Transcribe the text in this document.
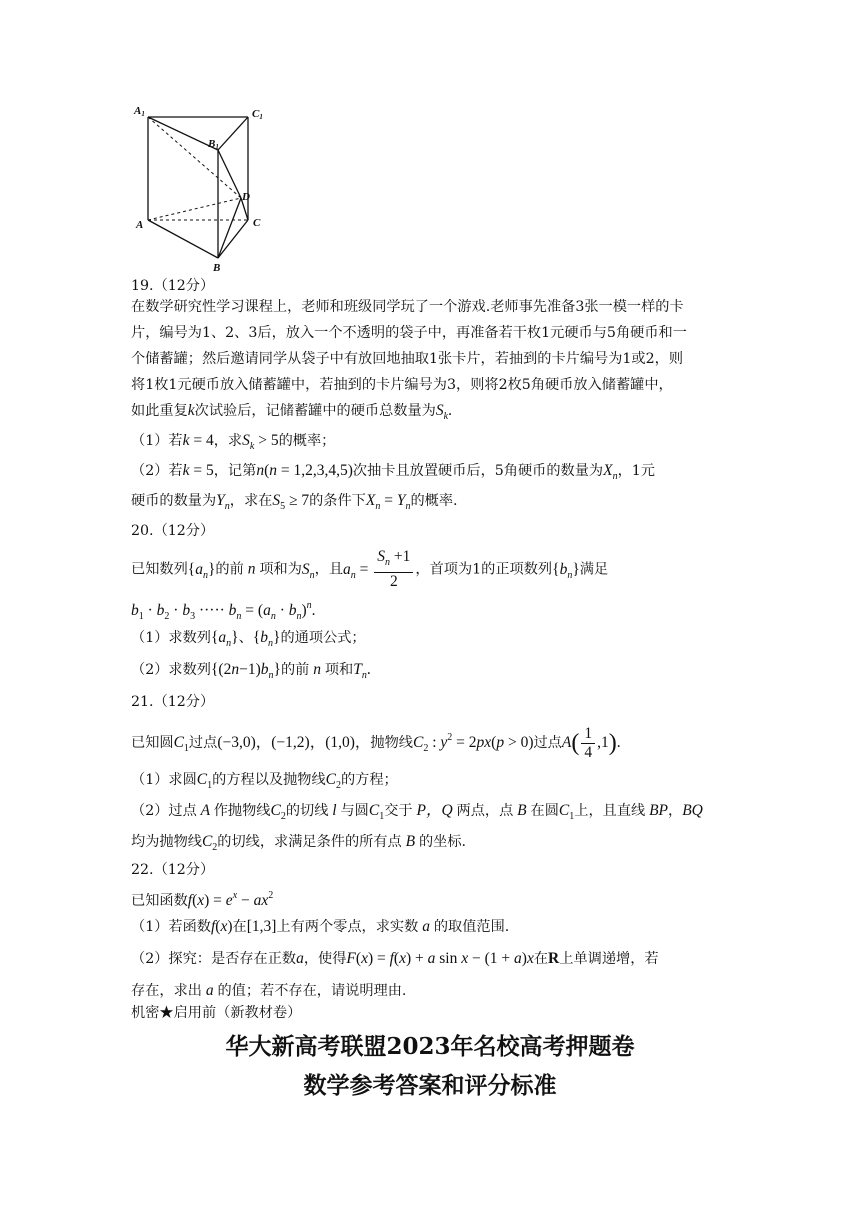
A1	C1
B1
D
A	C
B
19.（12分）
在数学研究性学习课程上，老师和班级同学玩了一个游戏.老师事先准备3张一模一样的卡
片，编号为1、2、3后，放入一个不透明的袋子中，再准备若干枚1元硬币与5角硬币和一
个储蓄罐；然后邀请同学从袋子中有放回地抽取1张卡片，若抽到的卡片编号为1或2，则
将1枚1元硬币放入储蓄罐中，若抽到的卡片编号为3，则将2枚5角硬币放入储蓄罐中，
如此重复k次试验后，记储蓄罐中的硬币总数量为$S_k$.
（1）若k = 4，求$S_k > 5$的概率；
（2）若k = 5，记第n(n = 1,2,3,4,5)次抽卡且放置硬币后，5角硬币的数量为$X_n$，1元
硬币的数量为$Y_n$，求在$S_5 \ge 7$的条件下$X_n = Y_n$的概率.
20.（12分）
已知数列$\{a_n\}$的前 n 项和为$S_n$，且$a_n = \frac{S_n +1}{2}$ ，首项为1的正项数列$\{b_n\}$满足
$b_1 \cdot b_2 \cdot b_3$ ····· $b_n = (a_n \cdot b_n)^n$.
（1）求数列$\{a_n\}$、$\{b_n\}$的通项公式；
（2）求数列$\{(2n-1)b_n\}$的前 n 项和$T_n$.
21.（12分）
已知圆$C_1$过点(−3,0)，(−1,2)，(1,0)，抛物线$C_2$ : $y^2 = 2px(p > 0)$过点$A( \frac{1}{4} ,1)$.
（1）求圆$C_1$的方程以及抛物线$C_2$的方程；
（2）过点 A 作抛物线$C_2$的切线 l 与圆$C_1$交于 P，Q 两点，点 B 在圆$C_1$上，且直线 BP，BQ
均为抛物线$C_2$的切线，求满足条件的所有点 B 的坐标.
22.（12分）
已知函数$f(x) = e^x - ax^2$
（1）若函数f(x)在[1,3]上有两个零点，求实数 a 的取值范围.
（2）探究：是否存在正数a，使得F(x) = f(x) + a sin x − (1 + a)x在R上单调递增，若
存在，求出 a 的值；若不存在，请说明理由.
机密★启用前（新教材卷）
华大新高考联盟2023年名校高考押题卷
数学参考答案和评分标准
